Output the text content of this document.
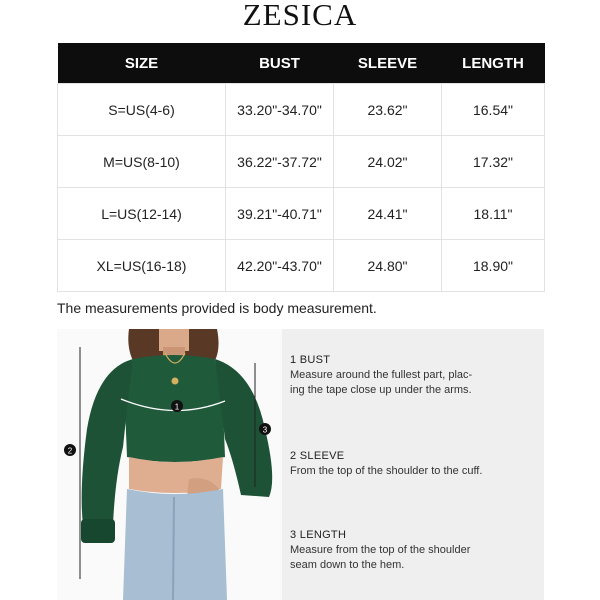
ZESICA
SIZE	BUST	SLEEVE	LENGTH
S=US(4-6)	33.20"-34.70"	23.62"	16.54"
M=US(8-10)	36.22"-37.72"	24.02"	17.32"
L=US(12-14)	39.21"-40.71"	24.41"	18.11"
XL=US(16-18)	42.20"-43.70"	24.80"	18.90"
The measurements provided is body measurement.
1
2
3
1 BUST
Measure around the fullest part, plac-
ing the tape close up under the arms.
2 SLEEVE
From the top of the shoulder to the cuff.
3 LENGTH
Measure from the top of the shoulder
seam down to the hem.
